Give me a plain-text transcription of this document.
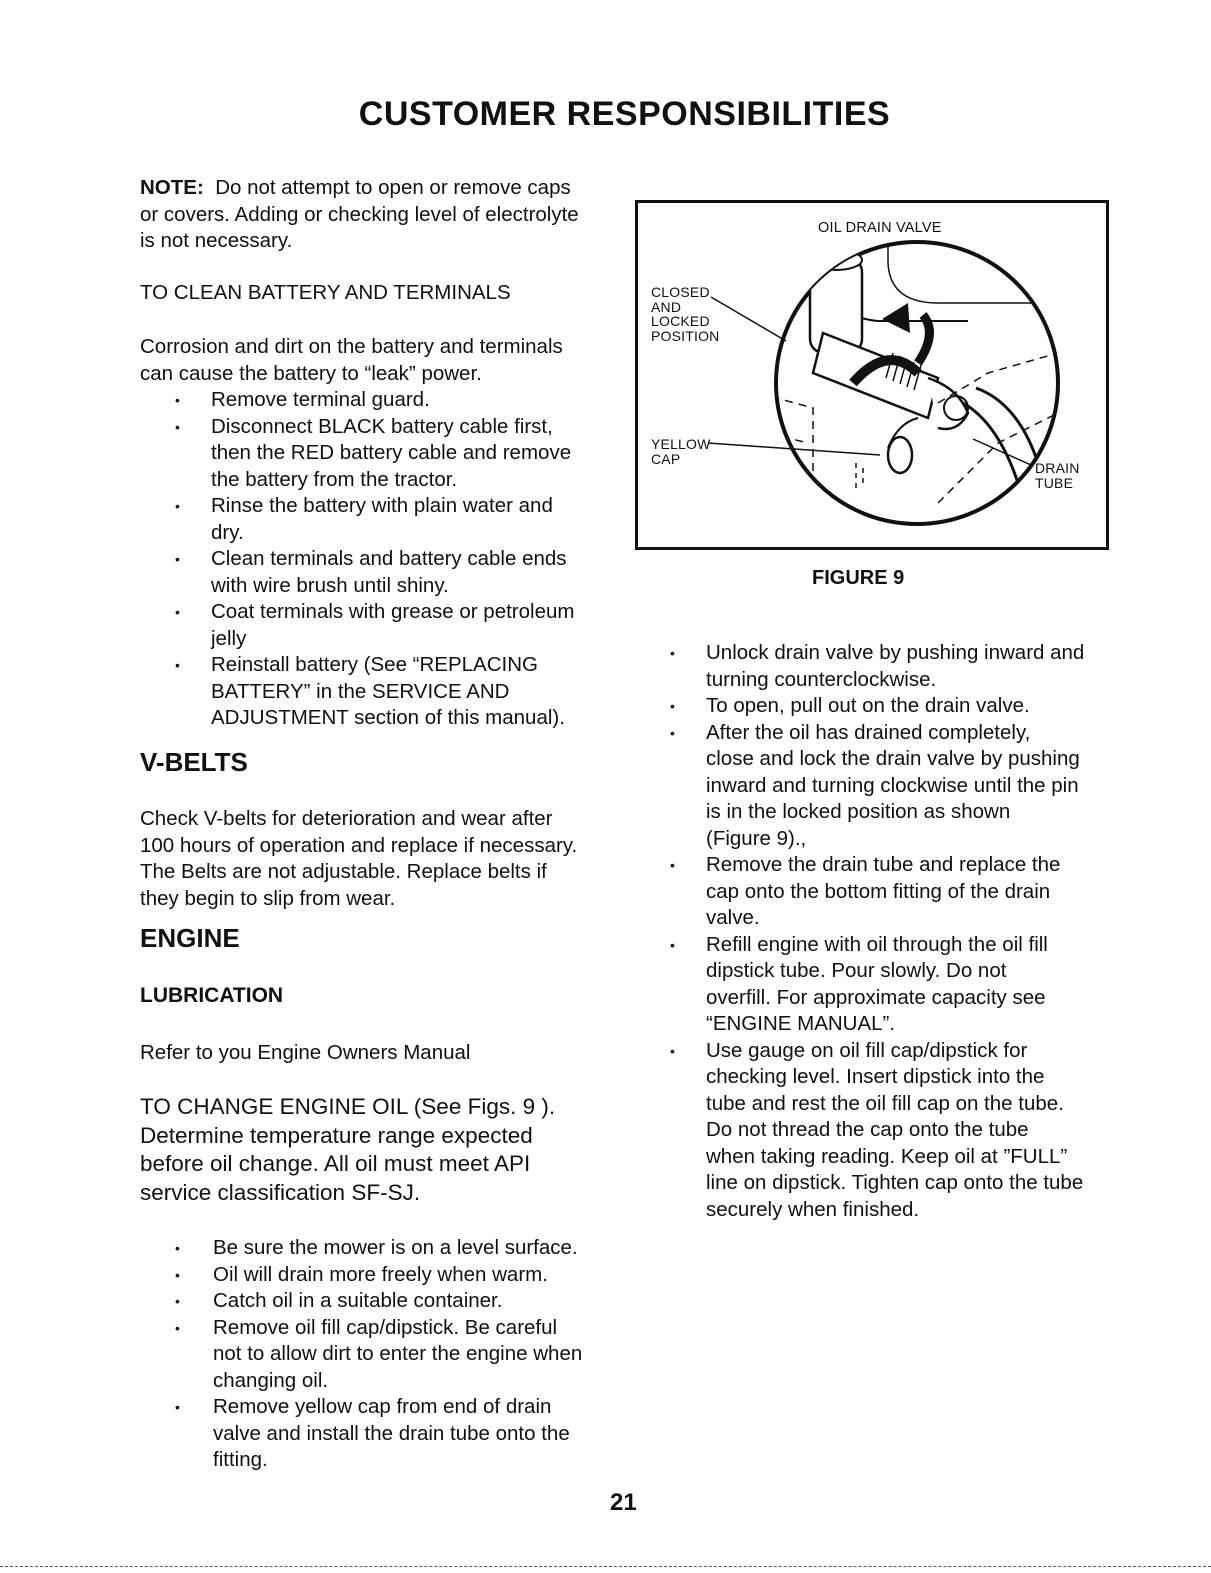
CUSTOMER RESPONSIBILITIES
NOTE: Do not attempt to open or remove caps
or covers. Adding or checking level of electrolyte
is not necessary.
TO CLEAN BATTERY AND TERMINALS
Corrosion and dirt on the battery and terminals
can cause the battery to “leak” power.
• Remove terminal guard.
• Disconnect BLACK battery cable first,
then the RED battery cable and remove
the battery from the tractor.
• Rinse the battery with plain water and
dry.
• Clean terminals and battery cable ends
with wire brush until shiny.
• Coat terminals with grease or petroleum
jelly
• Reinstall battery (See “REPLACING
BATTERY” in the SERVICE AND
ADJUSTMENT section of this manual).
V-BELTS
Check V-belts for deterioration and wear after
100 hours of operation and replace if necessary.
The Belts are not adjustable. Replace belts if
they begin to slip from wear.
ENGINE
LUBRICATION
Refer to you Engine Owners Manual
TO CHANGE ENGINE OIL (See Figs. 9 ).
Determine temperature range expected
before oil change. All oil must meet API
service classification SF-SJ.
• Be sure the mower is on a level surface.
• Oil will drain more freely when warm.
• Catch oil in a suitable container.
• Remove oil fill cap/dipstick. Be careful
not to allow dirt to enter the engine when
changing oil.
• Remove yellow cap from end of drain
valve and install the drain tube onto the
fitting.
OIL DRAIN VALVE
CLOSED
AND
LOCKED
POSITION
YELLOW
CAP
DRAIN
TUBE
FIGURE 9
• Unlock drain valve by pushing inward and
turning counterclockwise.
• To open, pull out on the drain valve.
• After the oil has drained completely,
close and lock the drain valve by pushing
inward and turning clockwise until the pin
is in the locked position as shown
(Figure 9).,
• Remove the drain tube and replace the
cap onto the bottom fitting of the drain
valve.
• Refill engine with oil through the oil fill
dipstick tube. Pour slowly. Do not
overfill. For approximate capacity see
“ENGINE MANUAL”.
• Use gauge on oil fill cap/dipstick for
checking level. Insert dipstick into the
tube and rest the oil fill cap on the tube.
Do not thread the cap onto the tube
when taking reading. Keep oil at ”FULL”
line on dipstick. Tighten cap onto the tube
securely when finished.
21
